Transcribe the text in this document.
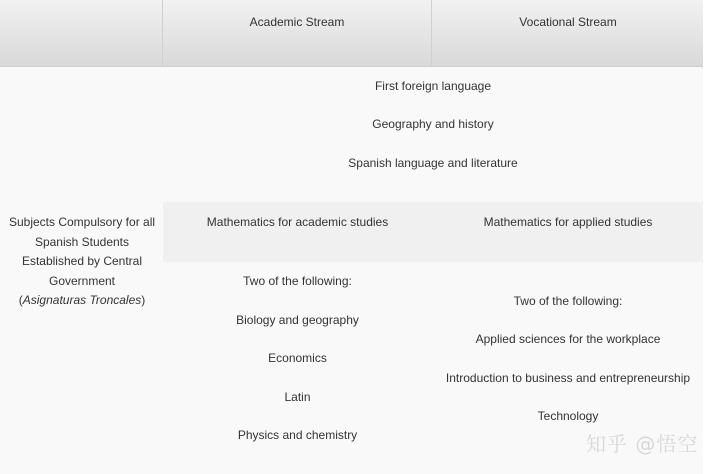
Academic Stream	Vocational Stream
First foreign language
Geography and history
Spanish language and literature
Subjects Compulsory for all Spanish Students Established by Central Government
(Asignaturas Troncales)
Mathematics for academic studies	Mathematics for applied studies
Two of the following:
Biology and geography
Economics
Latin
Physics and chemistry
Two of the following:
Applied sciences for the workplace
Introduction to business and entrepreneurship
Technology
知乎 @悟空
